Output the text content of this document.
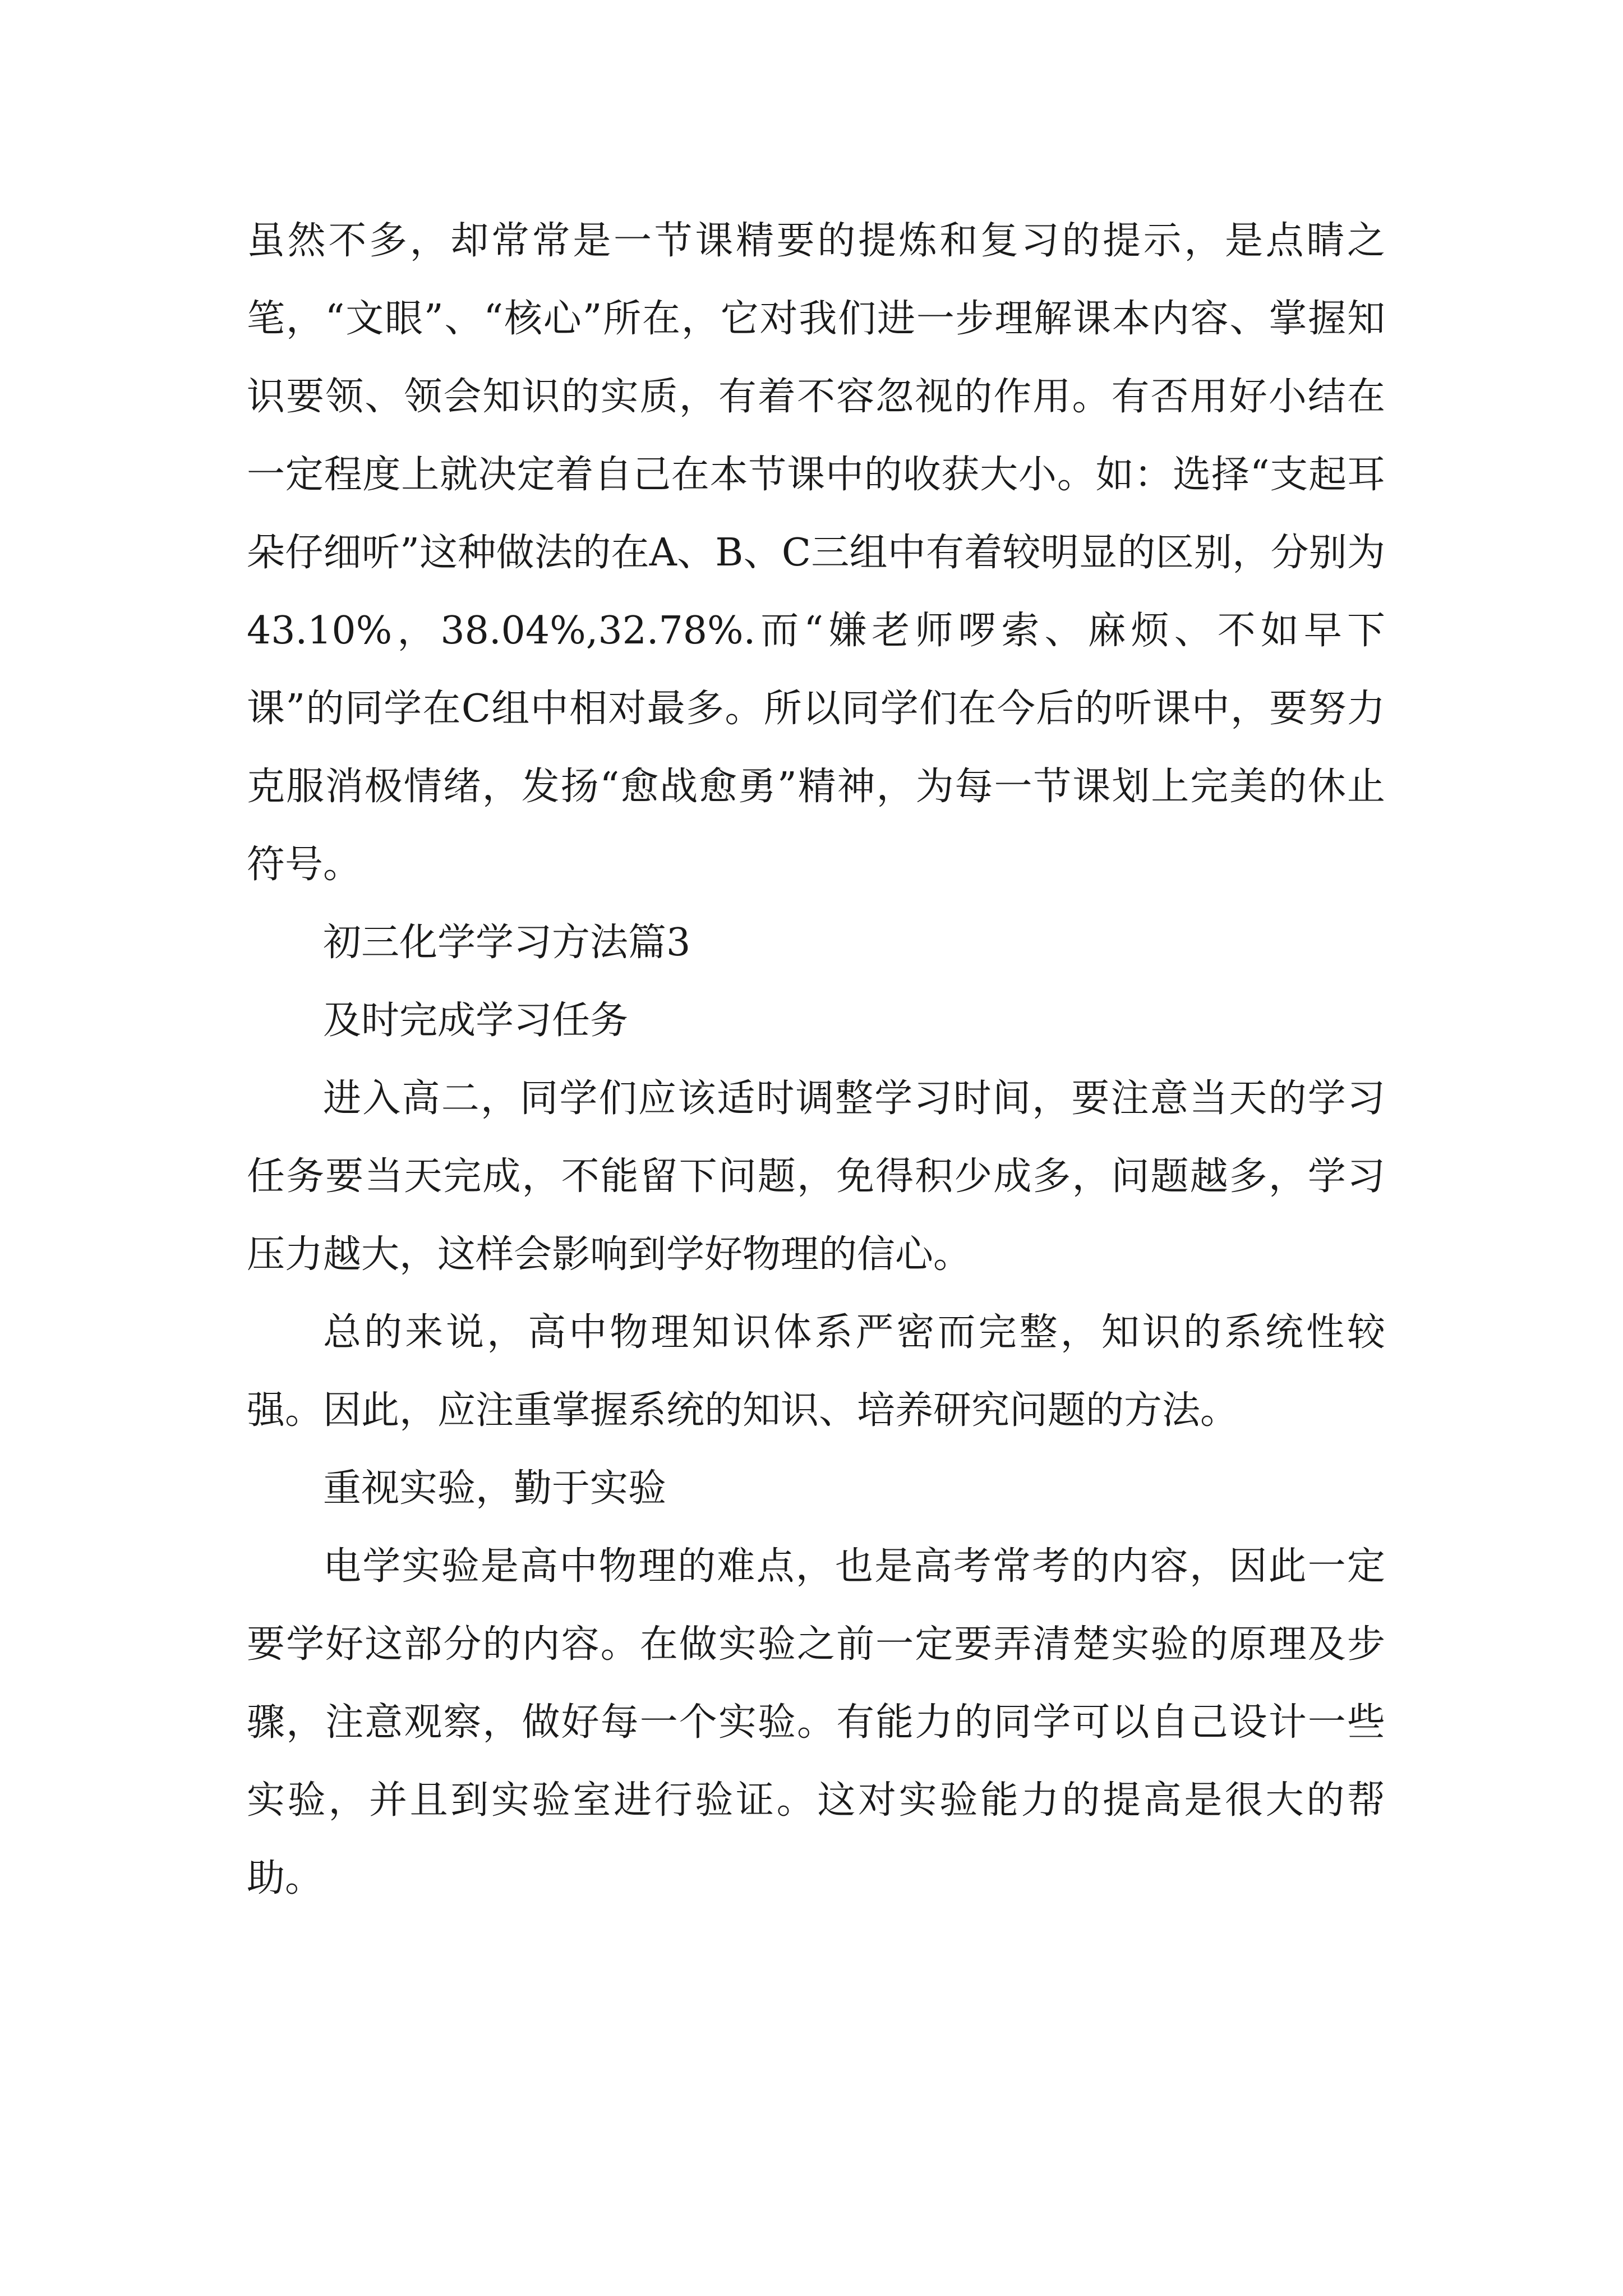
虽然不多，却常常是一节课精要的提炼和复习的提示，是点睛之笔，“文眼”、“核心”所在，它对我们进一步理解课本内容、掌握知识要领、领会知识的实质，有着不容忽视的作用。有否用好小结在一定程度上就决定着自己在本节课中的收获大小。如：选择“支起耳朵仔细听”这种做法的在A、B、C三组中有着较明显的区别，分别为43.10%，38.04%,32.78%.而“嫌老师啰索、麻烦、不如早下课”的同学在C组中相对最多。所以同学们在今后的听课中，要努力克服消极情绪，发扬“愈战愈勇”精神，为每一节课划上完美的休止符号。

初三化学学习方法篇3

及时完成学习任务

进入高二，同学们应该适时调整学习时间，要注意当天的学习任务要当天完成，不能留下问题，免得积少成多，问题越多，学习压力越大，这样会影响到学好物理的信心。

总的来说，高中物理知识体系严密而完整，知识的系统性较强。因此，应注重掌握系统的知识、培养研究问题的方法。

重视实验，勤于实验

电学实验是高中物理的难点，也是高考常考的内容，因此一定要学好这部分的内容。在做实验之前一定要弄清楚实验的原理及步骤，注意观察，做好每一个实验。有能力的同学可以自己设计一些实验，并且到实验室进行验证。这对实验能力的提高是很大的帮助。
